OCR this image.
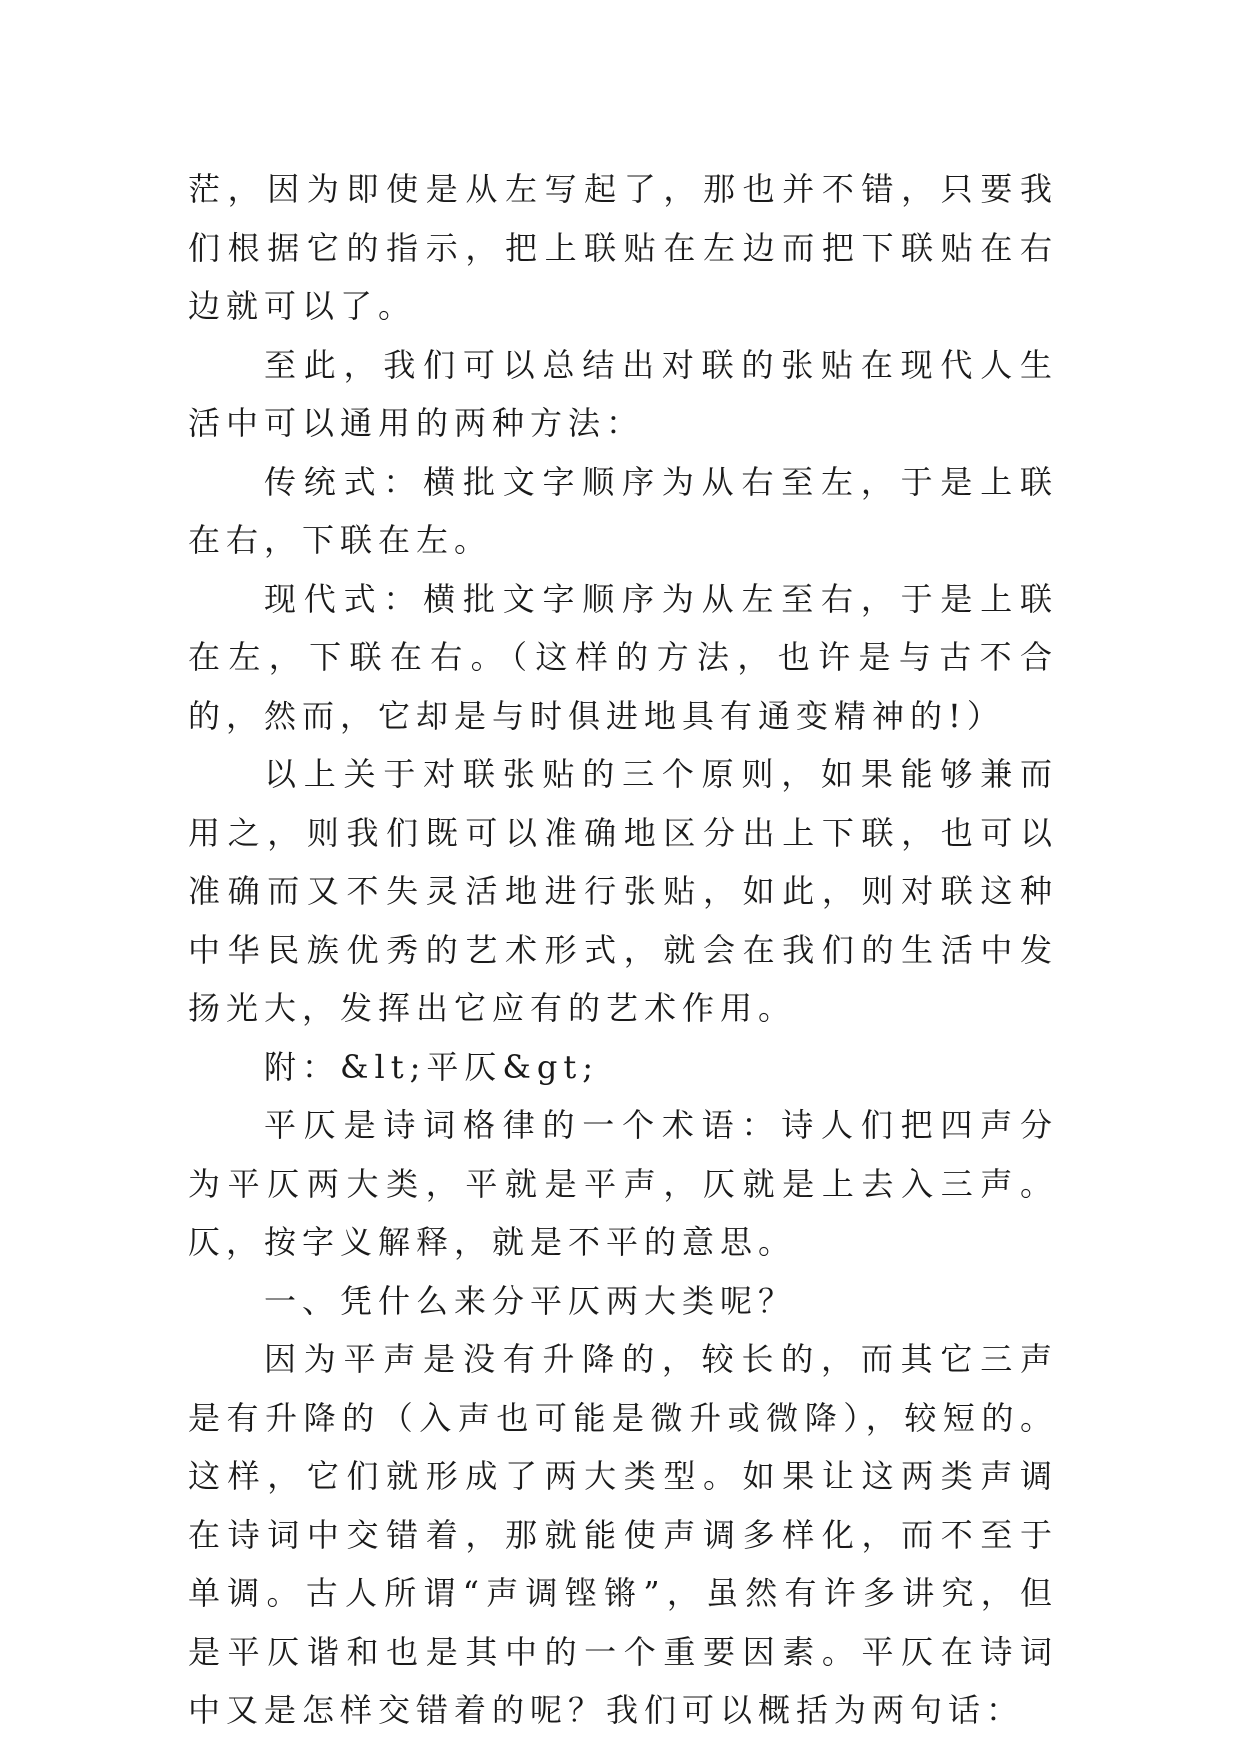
茫，因为即使是从左写起了，那也并不错，只要我们根据它的指示，把上联贴在左边而把下联贴在右边就可以了。

至此，我们可以总结出对联的张贴在现代人生活中可以通用的两种方法：

传统式：横批文字顺序为从右至左，于是上联在右，下联在左。

现代式：横批文字顺序为从左至右，于是上联在左，下联在右。（这样的方法，也许是与古不合的，然而，它却是与时俱进地具有通变精神的!）

以上关于对联张贴的三个原则，如果能够兼而用之，则我们既可以准确地区分出上下联，也可以准确而又不失灵活地进行张贴，如此，则对联这种中华民族优秀的艺术形式，就会在我们的生活中发扬光大，发挥出它应有的艺术作用。

附：&lt;平仄&gt;

平仄是诗词格律的一个术语：诗人们把四声分为平仄两大类，平就是平声，仄就是上去入三声。仄，按字义解释，就是不平的意思。

一、凭什么来分平仄两大类呢？

因为平声是没有升降的，较长的，而其它三声是有升降的（入声也可能是微升或微降），较短的。这样，它们就形成了两大类型。如果让这两类声调在诗词中交错着，那就能使声调多样化，而不至于单调。古人所谓“声调铿锵”，虽然有许多讲究，但是平仄谐和也是其中的一个重要因素。平仄在诗词中又是怎样交错着的呢？我们可以概括为两句话：
